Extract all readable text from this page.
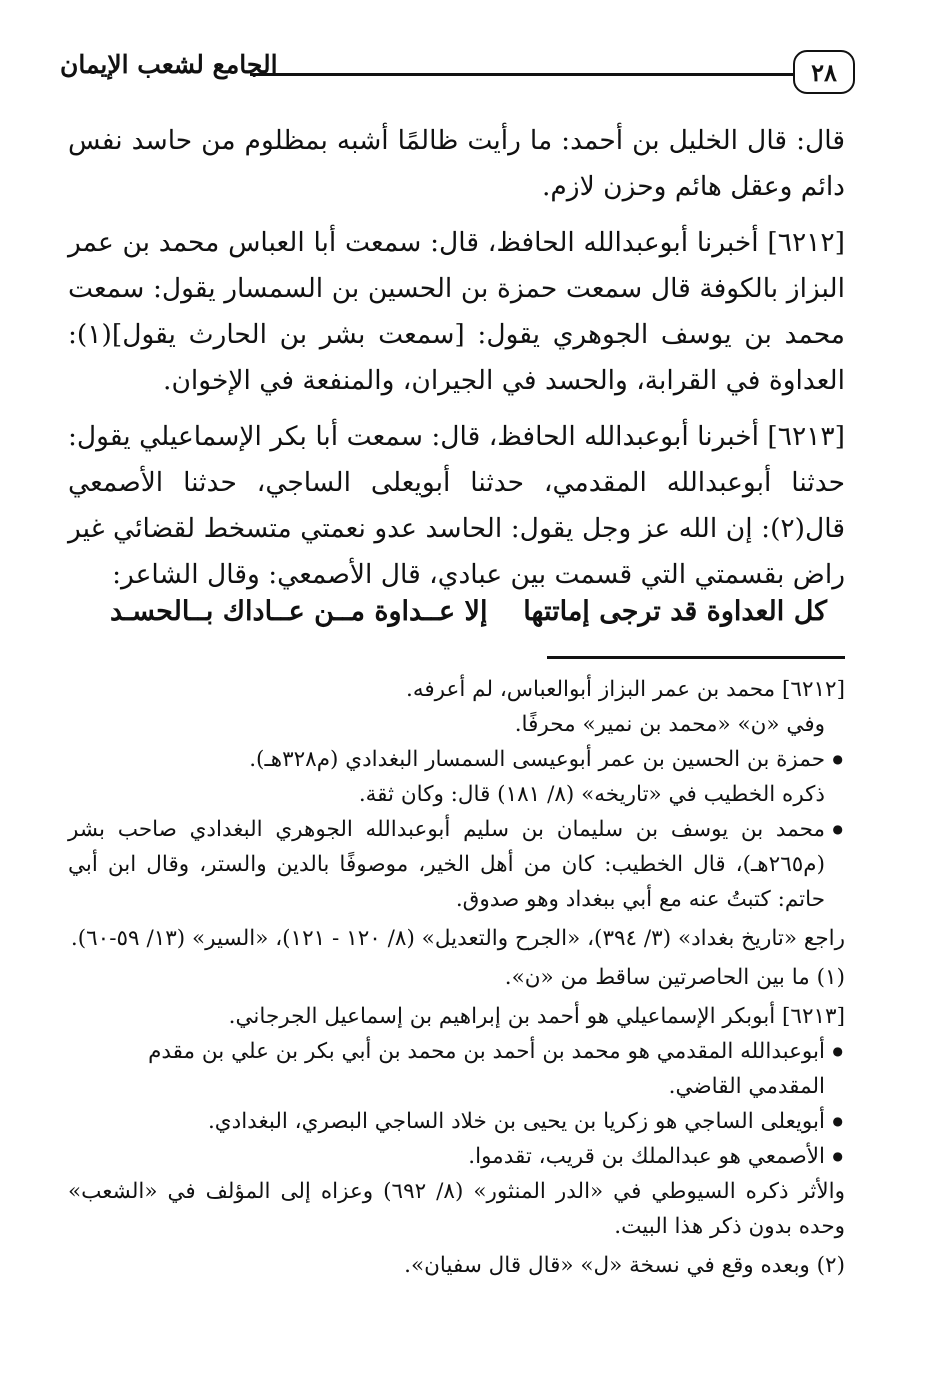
٢٨
الجامع لشعب الإيمان

قال: قال الخليل بن أحمد: ما رأيت ظالمًا أشبه بمظلوم من حاسد نفس دائم وعقل هائم وحزن لازم.

[٦٢١٢] أخبرنا أبوعبدالله الحافظ، قال: سمعت أبا العباس محمد بن عمر البزاز بالكوفة قال سمعت حمزة بن الحسين بن السمسار يقول: سمعت محمد بن يوسف الجوهري يقول: [سمعت بشر بن الحارث يقول](١): العداوة في القرابة، والحسد في الجيران، والمنفعة في الإخوان.

[٦٢١٣] أخبرنا أبوعبدالله الحافظ، قال: سمعت أبا بكر الإسماعيلي يقول: حدثنا أبوعبدالله المقدمي، حدثنا أبويعلى الساجي، حدثنا الأصمعي قال(٢): إن الله عز وجل يقول: الحاسد عدو نعمتي متسخط لقضائي غير راض بقسمتي التي قسمت بين عبادي، قال الأصمعي: وقال الشاعر:

كل العداوة قد ترجى إماتتها
إلا عــداوة مــن عــاداك بــالحسـد

[٦٢١٢] محمد بن عمر البزاز أبوالعباس، لم أعرفه.

وفي «ن» «محمد بن نمير» محرفًا.

● حمزة بن الحسين بن عمر أبوعيسى السمسار البغدادي (م٣٢٨هـ).

ذكره الخطيب في «تاريخه» (٨/ ١٨١) قال: وكان ثقة.

● محمد بن يوسف بن سليمان بن سليم أبوعبدالله الجوهري البغدادي صاحب بشر (م٢٦٥هـ)، قال الخطيب: كان من أهل الخير، موصوفًا بالدين والستر، وقال ابن أبي حاتم: كتبتُ عنه مع أبي ببغداد وهو صدوق.

راجع «تاريخ بغداد» (٣/ ٣٩٤)، «الجرح والتعديل» (٨/ ١٢٠ - ١٢١)، «السير» (١٣/ ٥٩-٦٠).

(١) ما بين الحاصرتين ساقط من «ن».

[٦٢١٣] أبوبكر الإسماعيلي هو أحمد بن إبراهيم بن إسماعيل الجرجاني.

● أبوعبدالله المقدمي هو محمد بن أحمد بن محمد بن أبي بكر بن علي بن مقدم المقدمي القاضي.

● أبويعلى الساجي هو زكريا بن يحيى بن خلاد الساجي البصري، البغدادي.

● الأصمعي هو عبدالملك بن قريب، تقدموا.

والأثر ذكره السيوطي في «الدر المنثور» (٨/ ٦٩٢) وعزاه إلى المؤلف في «الشعب» وحده بدون ذكر هذا البيت.

(٢) وبعده وقع في نسخة «ل» «قال قال سفيان».
